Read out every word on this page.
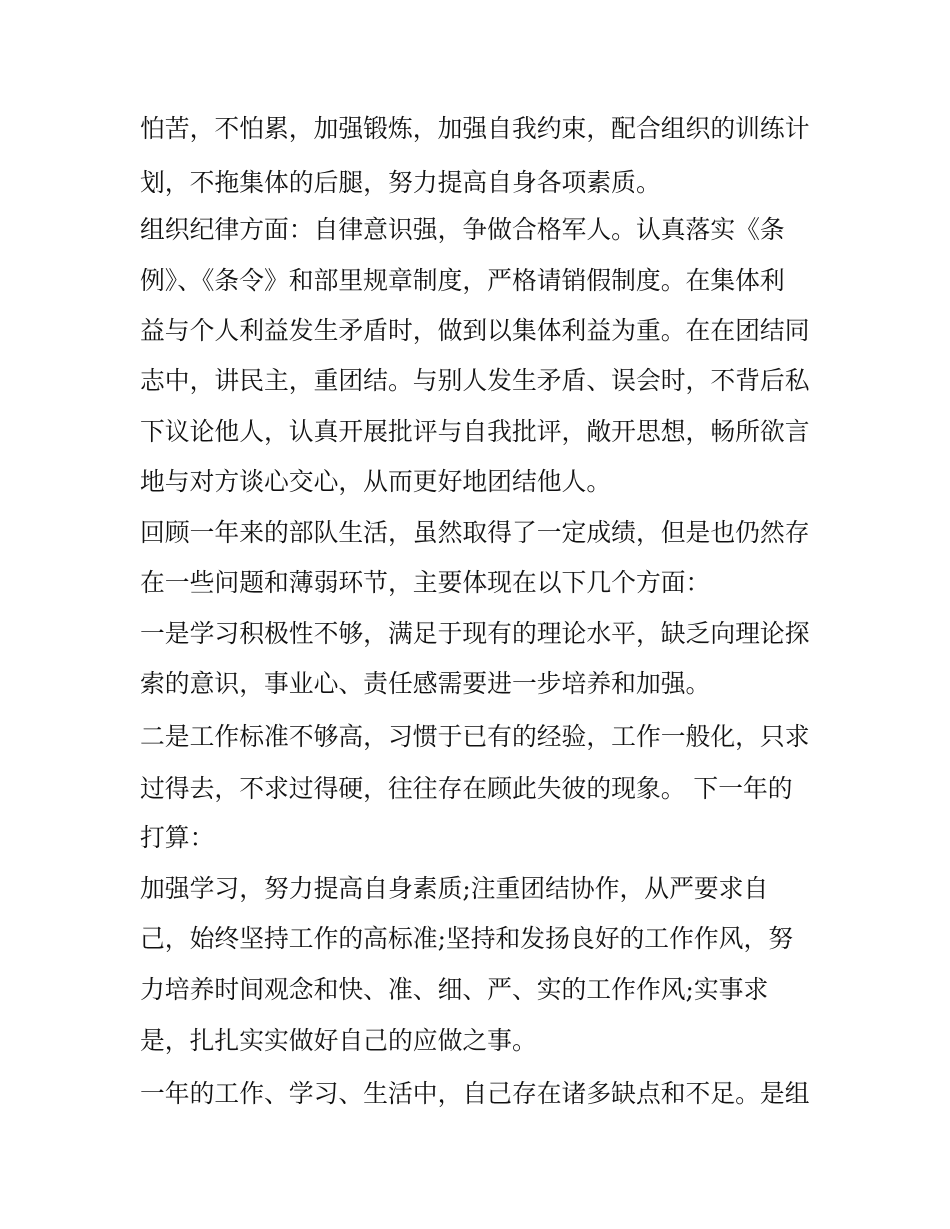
怕苦，不怕累，加强锻炼，加强自我约束，配合组织的训练计
划，不拖集体的后腿，努力提高自身各项素质。
组织纪律方面：自律意识强，争做合格军人。认真落实《条
例》、《条令》和部里规章制度，严格请销假制度。在集体利
益与个人利益发生矛盾时，做到以集体利益为重。在在团结同
志中，讲民主，重团结。与别人发生矛盾、误会时，不背后私
下议论他人，认真开展批评与自我批评，敞开思想，畅所欲言
地与对方谈心交心，从而更好地团结他人。
回顾一年来的部队生活，虽然取得了一定成绩，但是也仍然存
在一些问题和薄弱环节，主要体现在以下几个方面：
一是学习积极性不够，满足于现有的理论水平，缺乏向理论探
索的意识，事业心、责任感需要进一步培养和加强。
二是工作标准不够高，习惯于已有的经验，工作一般化，只求
过得去，不求过得硬，往往存在顾此失彼的现象。 下一年的
打算：
加强学习，努力提高自身素质;注重团结协作，从严要求自
己，始终坚持工作的高标准;坚持和发扬良好的工作作风，努
力培养时间观念和快、准、细、严、实的工作作风;实事求
是，扎扎实实做好自己的应做之事。
一年的工作、学习、生活中，自己存在诸多缺点和不足。是组
